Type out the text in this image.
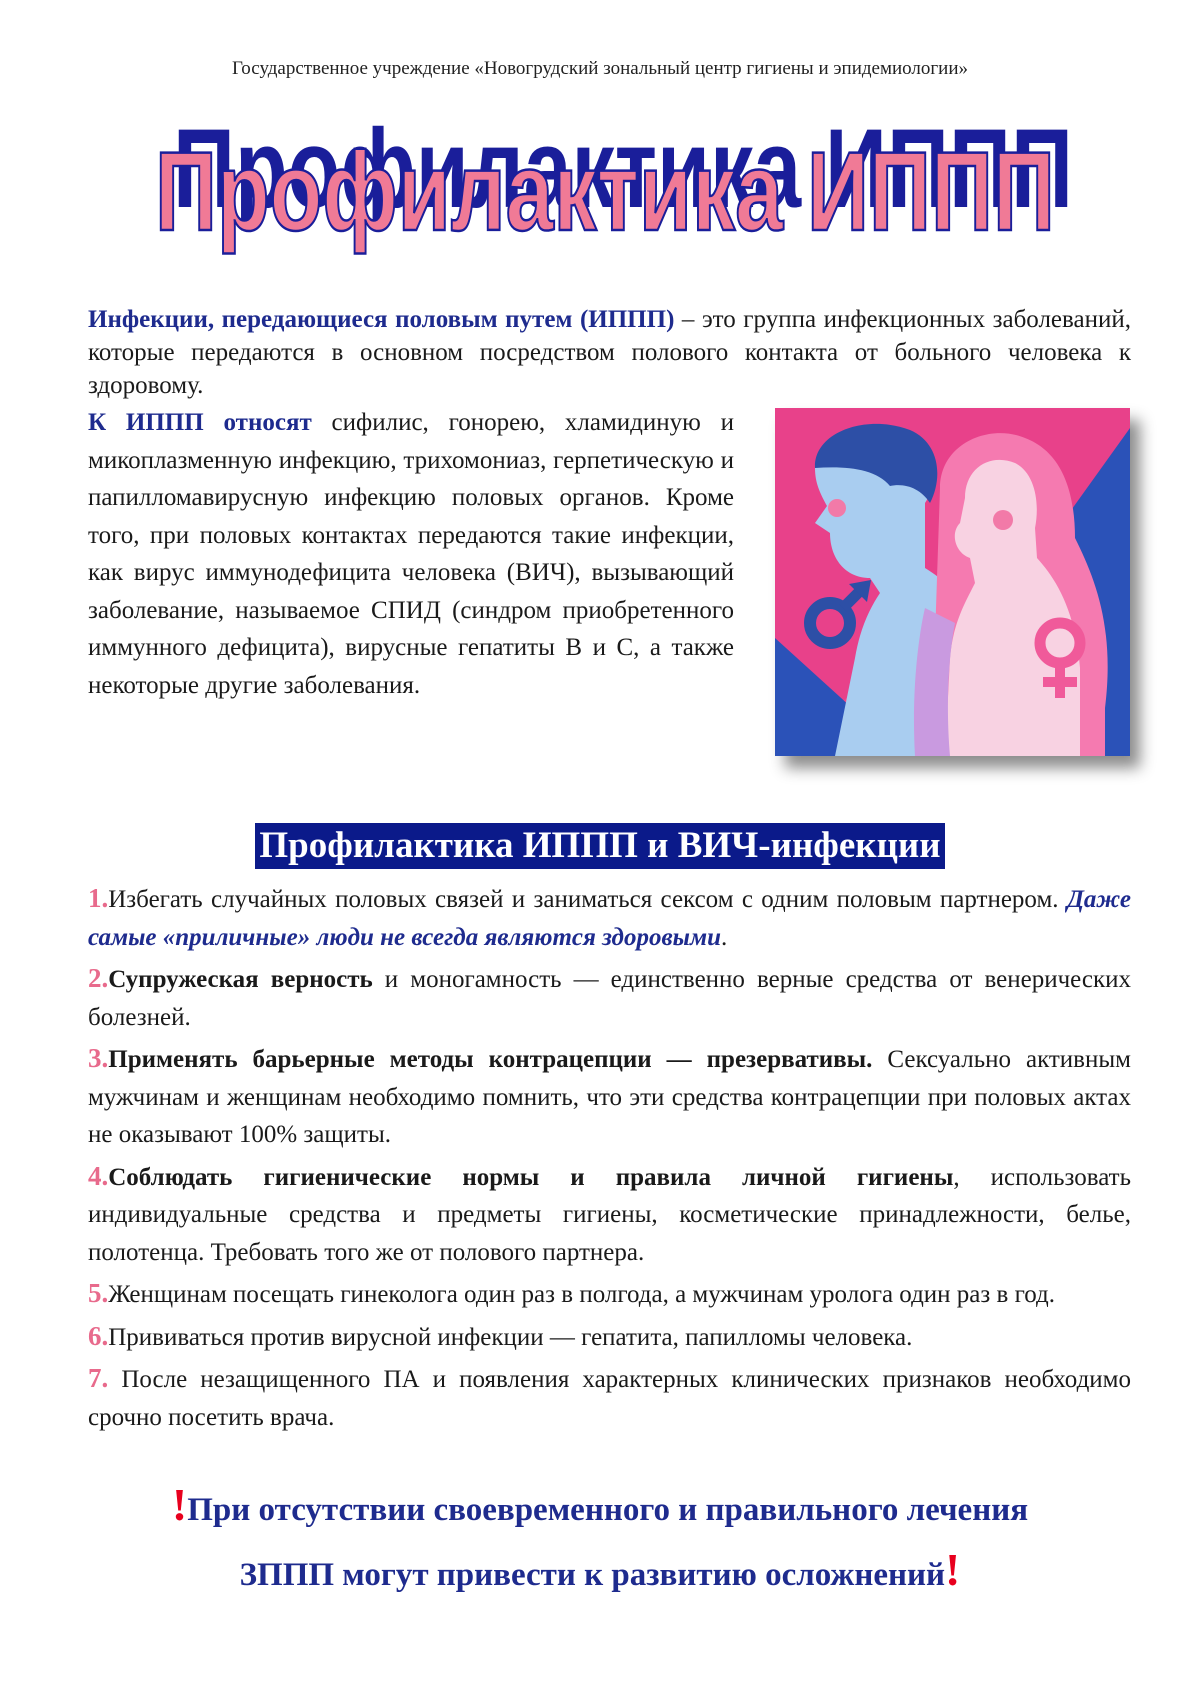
Государственное учреждение «Новогрудский зональный центр гигиены и эпидемиологии»
Профилактика ИППП
Профилактика ИППП
Инфекции, передающиеся половым путем (ИППП) – это группа инфекционных заболеваний, которые передаются в основном посредством полового контакта от больного человека к здоровому.
К ИППП относят сифилис, гонорею, хламидиную и микоплазменную инфекцию, трихомониаз, герпетическую и папилломавирусную инфекцию половых органов. Кроме того, при половых контактах передаются такие инфекции, как вирус иммунодефицита человека (ВИЧ), вызывающий заболевание, называемое СПИД (синдром приобретенного иммунного дефицита), вирусные гепатиты В и С, а также некоторые другие заболевания.
Профилактика ИППП и ВИЧ-инфекции
1.Избегать случайных половых связей и заниматься сексом с одним половым партнером. Даже самые «приличные» люди не всегда являются здоровыми.
2.Супружеская верность и моногамность — единственно верные средства от венерических болезней.
3.Применять барьерные методы контрацепции — презервативы. Сексуально активным мужчинам и женщинам необходимо помнить, что эти средства контрацепции при половых актах не оказывают 100% защиты.
4.Соблюдать гигиенические нормы и правила личной гигиены, использовать индивидуальные средства и предметы гигиены, косметические принадлежности, белье, полотенца. Требовать того же от полового партнера.
5.Женщинам посещать гинеколога один раз в полгода, а мужчинам уролога один раз в год.
6.Прививаться против вирусной инфекции — гепатита, папилломы человека.
7. После незащищенного ПА и появления характерных клинических признаков необходимо срочно посетить врача.
!При отсутствии своевременного и правильного лечения
ЗППП могут привести к развитию осложнений!
